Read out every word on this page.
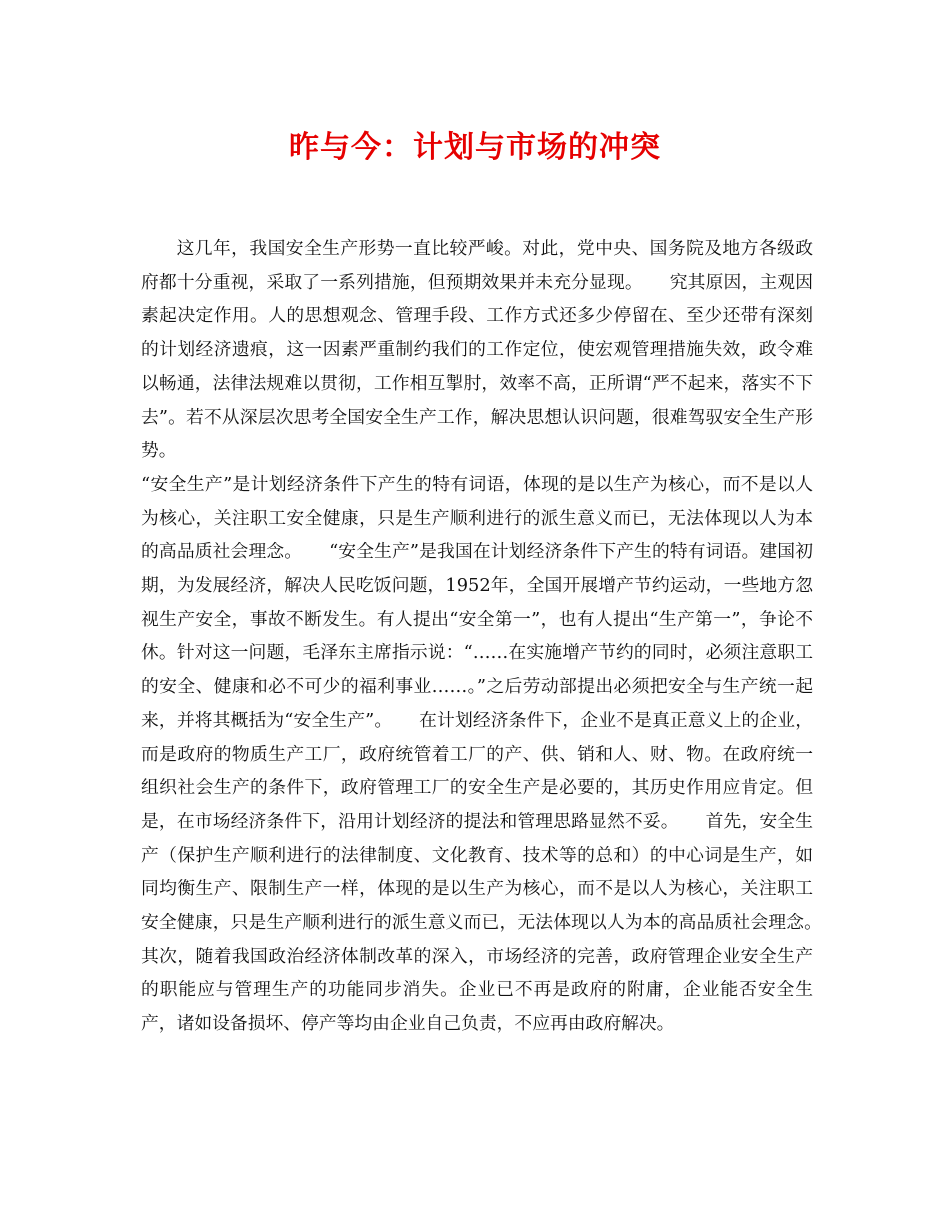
昨与今：计划与市场的冲突

这几年，我国安全生产形势一直比较严峻。对此，党中央、国务院及地方各级政府都十分重视，采取了一系列措施，但预期效果并未充分显现。　　究其原因，主观因素起决定作用。人的思想观念、管理手段、工作方式还多少停留在、至少还带有深刻的计划经济遗痕，这一因素严重制约我们的工作定位，使宏观管理措施失效，政令难以畅通，法律法规难以贯彻，工作相互掣肘，效率不高，正所谓“严不起来，落实不下去”。若不从深层次思考全国安全生产工作，解决思想认识问题，很难驾驭安全生产形势。

“安全生产”是计划经济条件下产生的特有词语，体现的是以生产为核心，而不是以人为核心，关注职工安全健康，只是生产顺利进行的派生意义而已，无法体现以人为本的高品质社会理念。　　“安全生产”是我国在计划经济条件下产生的特有词语。建国初期，为发展经济，解决人民吃饭问题，1952年，全国开展增产节约运动，一些地方忽视生产安全，事故不断发生。有人提出“安全第一”，也有人提出“生产第一”，争论不休。针对这一问题，毛泽东主席指示说：“……在实施增产节约的同时，必须注意职工的安全、健康和必不可少的福利事业……。”之后劳动部提出必须把安全与生产统一起来，并将其概括为“安全生产”。　　在计划经济条件下，企业不是真正意义上的企业，而是政府的物质生产工厂，政府统管着工厂的产、供、销和人、财、物。在政府统一组织社会生产的条件下，政府管理工厂的安全生产是必要的，其历史作用应肯定。但是，在市场经济条件下，沿用计划经济的提法和管理思路显然不妥。　　首先，安全生产（保护生产顺利进行的法律制度、文化教育、技术等的总和）的中心词是生产，如同均衡生产、限制生产一样，体现的是以生产为核心，而不是以人为核心，关注职工安全健康，只是生产顺利进行的派生意义而已，无法体现以人为本的高品质社会理念。　　其次，随着我国政治经济体制改革的深入，市场经济的完善，政府管理企业安全生产的职能应与管理生产的功能同步消失。企业已不再是政府的附庸，企业能否安全生产，诸如设备损坏、停产等均由企业自己负责，不应再由政府解决。
